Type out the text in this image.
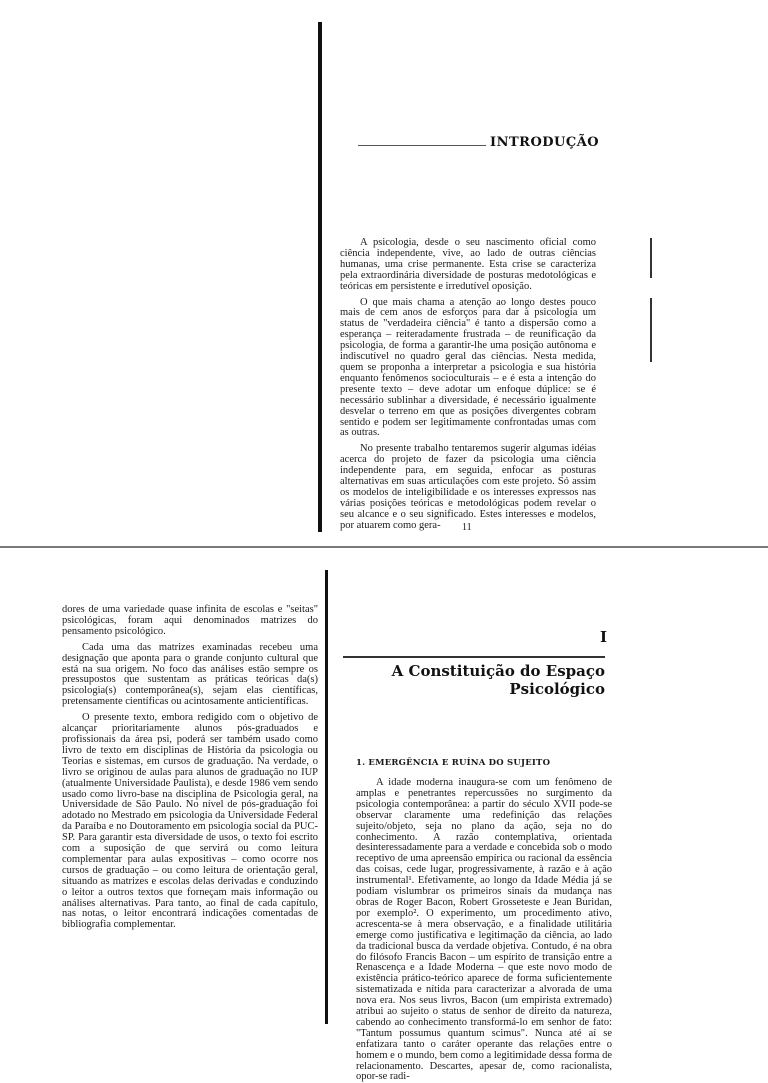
INTRODUÇÃO

A psicologia, desde o seu nascimento oficial como ciência independente, vive, ao lado de outras ciências humanas, uma crise permanente. Esta crise se caracteriza pela extraordinária diversidade de posturas medotológicas e teóricas em persistente e irredutível oposição.

O que mais chama a atenção ao longo destes pouco mais de cem anos de esforços para dar à psicologia um status de "verdadeira ciência" é tanto a dispersão como a esperança – reiteradamente frustrada – de reunificação da psicologia, de forma a garantir-lhe uma posição autônoma e indiscutível no quadro geral das ciências. Nesta medida, quem se proponha a interpretar a psicologia e sua história enquanto fenômenos socioculturais – e é esta a intenção do presente texto – deve adotar um enfoque dúplice: se é necessário sublinhar a diversidade, é necessário igualmente desvelar o terreno em que as posições divergentes cobram sentido e podem ser legitimamente confrontadas umas com as outras.

No presente trabalho tentaremos sugerir algumas idéias acerca do projeto de fazer da psicologia uma ciência independente para, em seguida, enfocar as posturas alternativas em suas articulações com este projeto. Só assim os modelos de inteligibilidade e os interesses expressos nas várias posições teóricas e metodológicas podem revelar o seu alcance e o seu significado. Estes interesses e modelos, por atuarem como gera-	11

dores de uma variedade quase infinita de escolas e "seitas" psicológicas, foram aqui denominados matrizes do pensamento psicológico.

Cada uma das matrizes examinadas recebeu uma designação que aponta para o grande conjunto cultural que está na sua origem. No foco das análises estão sempre os pressupostos que sustentam as práticas teóricas da(s) psicologia(s) contemporânea(s), sejam elas científicas, pretensamente científicas ou acintosamente anticientíficas.

O presente texto, embora redigido com o objetivo de alcançar prioritariamente alunos pós-graduados e profissionais da área psi, poderá ser também usado como livro de texto em disciplinas de História da psicologia ou Teorias e sistemas, em cursos de graduação. Na verdade, o livro se originou de aulas para alunos de graduação no IUP (atualmente Universidade Paulista), e desde 1986 vem sendo usado como livro-base na disciplina de Psicologia geral, na Universidade de São Paulo. No nível de pós-graduação foi adotado no Mestrado em psicologia da Universidade Federal da Paraíba e no Doutoramento em psicologia social da PUC-SP. Para garantir esta diversidade de usos, o texto foi escrito com a suposição de que servirá ou como leitura complementar para aulas expositivas – como ocorre nos cursos de graduação – ou como leitura de orientação geral, situando as matrizes e escolas delas derivadas e conduzindo o leitor a outros textos que forneçam mais informação ou análises alternativas. Para tanto, ao final de cada capítulo, nas notas, o leitor encontrará indicações comentadas de bibliografia complementar.

I
A Constituição do Espaço
Psicológico
1. EMERGÊNCIA E RUÍNA DO SUJEITO

A idade moderna inaugura-se com um fenômeno de amplas e penetrantes repercussões no surgimento da psicologia contemporânea: a partir do século XVII pode-se observar claramente uma redefinição das relações sujeito/objeto, seja no plano da ação, seja no do conhecimento. A razão contemplativa, orientada desinteressadamente para a verdade e concebida sob o modo receptivo de uma apreensão empírica ou racional da essência das coisas, cede lugar, progressivamente, à razão e à ação instrumental¹. Efetivamente, ao longo da Idade Média já se podiam vislumbrar os primeiros sinais da mudança nas obras de Roger Bacon, Robert Grosseteste e Jean Buridan, por exemplo². O experimento, um procedimento ativo, acrescenta-se à mera observação, e a finalidade utilitária emerge como justificativa e legitimação da ciência, ao lado da tradicional busca da verdade objetiva. Contudo, é na obra do filósofo Francis Bacon – um espírito de transição entre a Renascença e a Idade Moderna – que este novo modo de existência prático-teórico aparece de forma suficientemente sistematizada e nítida para caracterizar a alvorada de uma nova era. Nos seus livros, Bacon (um empirista extremado) atribui ao sujeito o status de senhor de direito da natureza, cabendo ao conhecimento transformá-lo em senhor de fato: "Tantum possumus quantum scimus". Nunca até aí se enfatizara tanto o caráter operante das relações entre o homem e o mundo, bem como a legitimidade dessa forma de relacionamento. Descartes, apesar de, como racionalista, opor-se radi-
